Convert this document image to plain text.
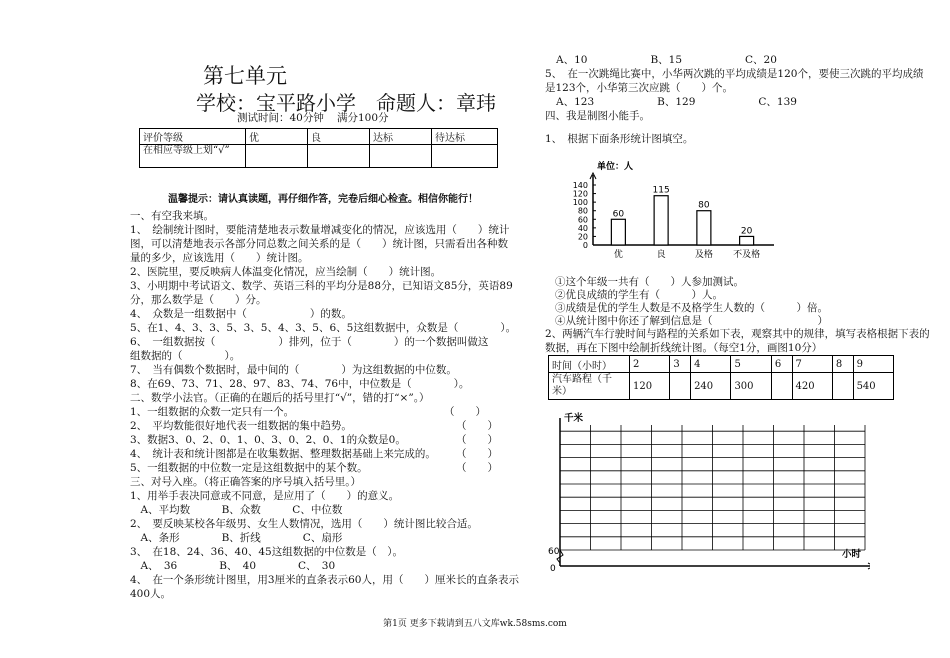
第七单元
学校：宝平路小学　命题人：章玮
测试时间：40分钟 满分100分
评价等级	优	良	达标	待达标
在相应等级上划“√”				
温馨提示：请认真读题，再仔细作答，完卷后细心检查。相信你能行！
一、有空我来填。
1、　绘制统计图时，要能清楚地表示数量增减变化的情况，应该选用（　　）统计
图，可以清楚地表示各部分同总数之间关系的是（　　）统计图，只需看出各种数
量的多少，应该选用（　　）统计图。
2、医院里，要反映病人体温变化情况，应当绘制（　　）统计图。
3、小明期中考试语文、数学、英语三科的平均分是88分，已知语文85分，英语89
分，那么数学是（　　）分。
4、　众数是一组数据中（　　　　　　）的数。
5、在1、4、3、3、5、3、5、4、3、5、6、5这组数据中，众数是（　　　　）。
6、　一组数据按（　　　　　　）排列，位于（　　　　）的一个数据叫做这
组数据的（　　　　）。
7、　当有偶数个数据时，最中间的（　　　　）为这组数据的中位数。
8、在69、73、71、28、97、83、74、76中，中位数是（　　　　）。
二、数学小法官。（正确的在题后的括号里打“√”，错的打“×”。）
1、一组数据的众数一定只有一个。	（　　）
2、　平均数能很好地代表一组数据的集中趋势。	（　　）
3、数据3、0、2、0、1、0、3、0、2、0、1的众数是0。	（　　）
4、　统计表和统计图都是在收集数据、整理数据基础上来完成的。 （　　）
5、一组数据的中位数一定是这组数据中的某个数。	（　　）
三、对号入座。（将正确答案的序号填入括号里。）
1、用举手表决同意或不同意，是应用了（　　）的意义。
　A、平均数　　　B、众数　　　C、中位数
2、　要反映某校各年级男、女生人数情况，选用（　　）统计图比较合适。
　A、条形　　　　B、折线　　　　C、扇形
3、　在18、24、36、40、45这组数据的中位数是（　）。
　A、　36　　　　B、　40　　　　C、　30
4、　在一个条形统计图里，用3厘米的直条表示60人，用（　　）厘米长的直条表示
400人。
A、10　　　　　　B、15　　　　　　C、20
5、　在一次跳绳比赛中，小华两次跳的平均成绩是120个，要使三次跳的平均成绩
是123个，小华第三次应跳（　　）个。
A、123　　　　　　B、129　　　　　　C、139
四、我是制图小能手。
1、　根据下面条形统计图填空。
单位：人
0
20
40
60
80
100
120
140
60
优
115
良
80
及格
20
不及格
①这个年级一共有（　　）人参加测试。
②优良成绩的学生有（　　　）人。
③成绩是优的学生人数是不及格学生人数的（　　　）倍。
④从统计图中你还了解到信息是（　　　　　　　　　　）
2、两辆汽车行驶时间与路程的关系如下表，观察其中的规律，填写表格根据下表的
数据，再在下图中绘制折线统计图。（每空1分，画图10分）
时间（小时）	2	3	4	5	6	7	8	9
汽车路程（千
米）	120		240	300		420		540
千米
小时
60
0
第1页 更多下载请到五八文库wk.58sms.com
